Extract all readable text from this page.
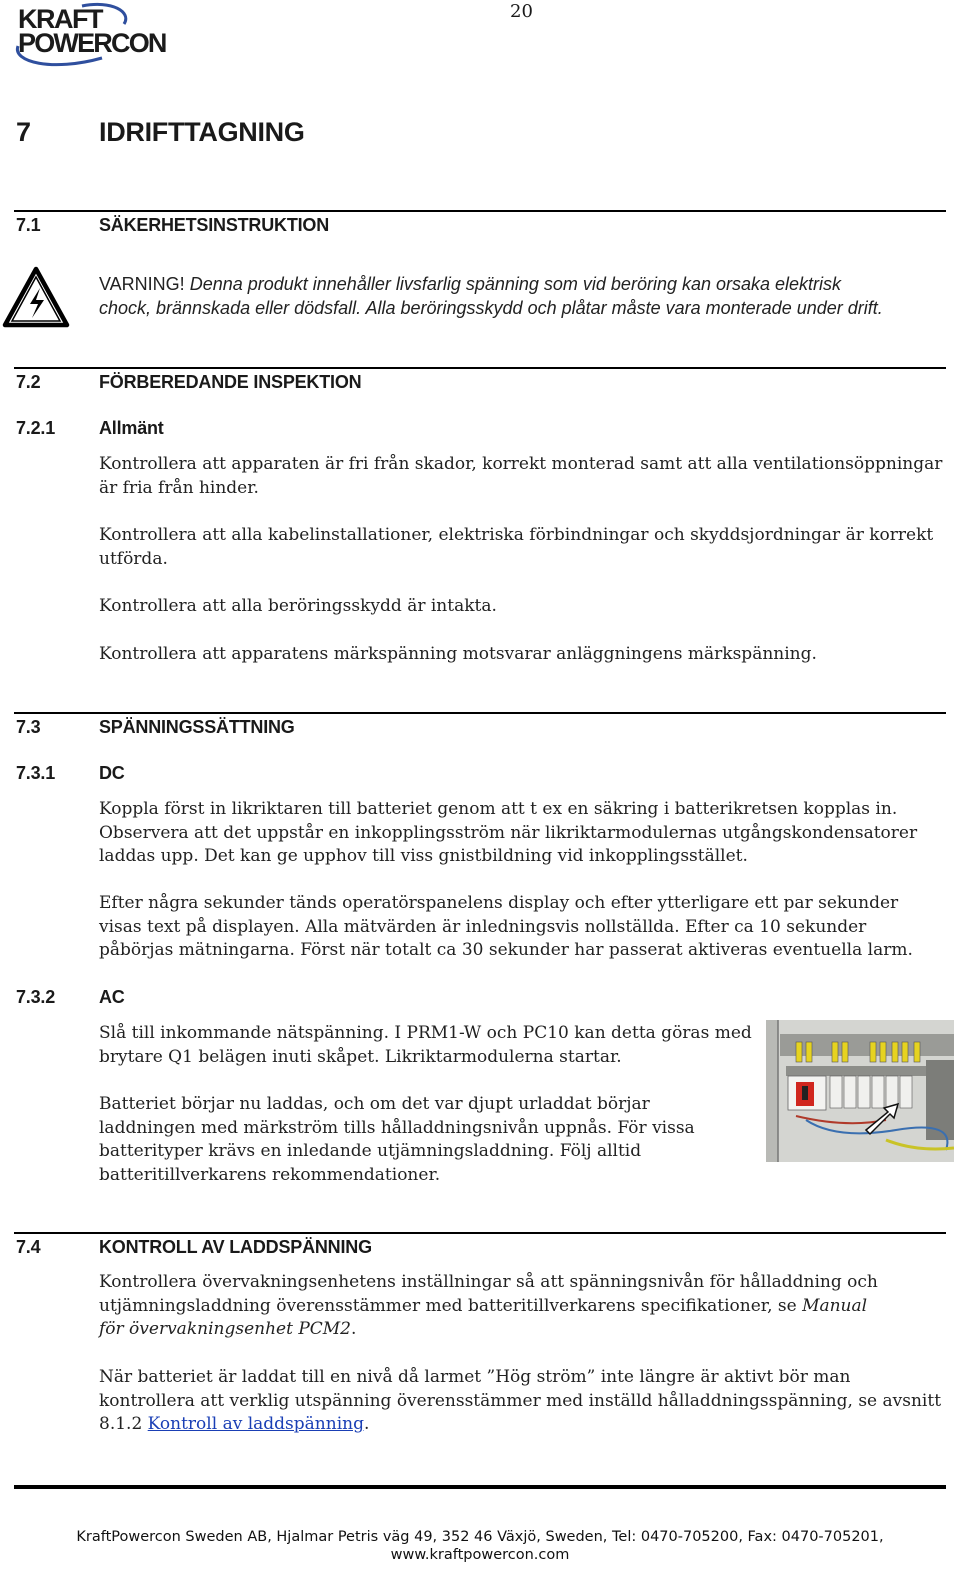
KRAFT
POWERCON
20
7	IDRIFTTAGNING
7.1	SÄKERHETSINSTRUKTION
VARNING! Denna produkt innehåller livsfarlig spänning som vid beröring kan orsaka elektrisk
chock, brännskada eller dödsfall. Alla beröringsskydd och plåtar måste vara monterade under drift.
7.2	FÖRBEREDANDE INSPEKTION
7.2.1 Allmänt
Kontrollera att apparaten är fri från skador, korrekt monterad samt att alla ventilationsöppningar är fria från hinder.
Kontrollera att alla kabelinstallationer, elektriska förbindningar och skyddsjordningar är korrekt utförda.
Kontrollera att alla beröringsskydd är intakta.
Kontrollera att apparatens märkspänning motsvarar anläggningens märkspänning.
7.3	SPÄNNINGSSÄTTNING
7.3.1 DC
Koppla först in likriktaren till batteriet genom att t ex en säkring i batterikretsen kopplas in. Observera att det uppstår en inkopplingsström när likriktarmodulernas utgångskondensatorer laddas upp. Det kan ge upphov till viss gnistbildning vid inkopplingsstället.
Efter några sekunder tänds operatörspanelens display och efter ytterligare ett par sekunder visas text på displayen. Alla mätvärden är inledningsvis nollställda. Efter ca 10 sekunder påbörjas mätningarna. Först när totalt ca 30 sekunder har passerat aktiveras eventuella larm.
7.3.2 AC
Slå till inkommande nätspänning. I PRM1-W och PC10 kan detta göras med brytare Q1 belägen inuti skåpet. Likriktarmodulerna startar.
Batteriet börjar nu laddas, och om det var djupt urladdat börjar laddningen med märkström tills hålladdningsnivån uppnås. För vissa batterityper krävs en inledande utjämningsladdning. Följ alltid batteritillverkarens rekommendationer.
7.4	KONTROLL AV LADDSPÄNNING
Kontrollera övervakningsenhetens inställningar så att spänningsnivån för hålladdning och utjämningsladdning överensstämmer med batteritillverkarens specifikationer, se Manual för övervakningsenhet PCM2.
När batteriet är laddat till en nivå då larmet ”Hög ström” inte längre är aktivt bör man kontrollera att verklig utspänning överensstämmer med inställd hålladdningsspänning, se avsnitt 8.1.2 Kontroll av laddspänning.
KraftPowercon Sweden AB, Hjalmar Petris väg 49, 352 46 Växjö, Sweden, Tel: 0470-705200, Fax: 0470-705201,
www.kraftpowercon.com
